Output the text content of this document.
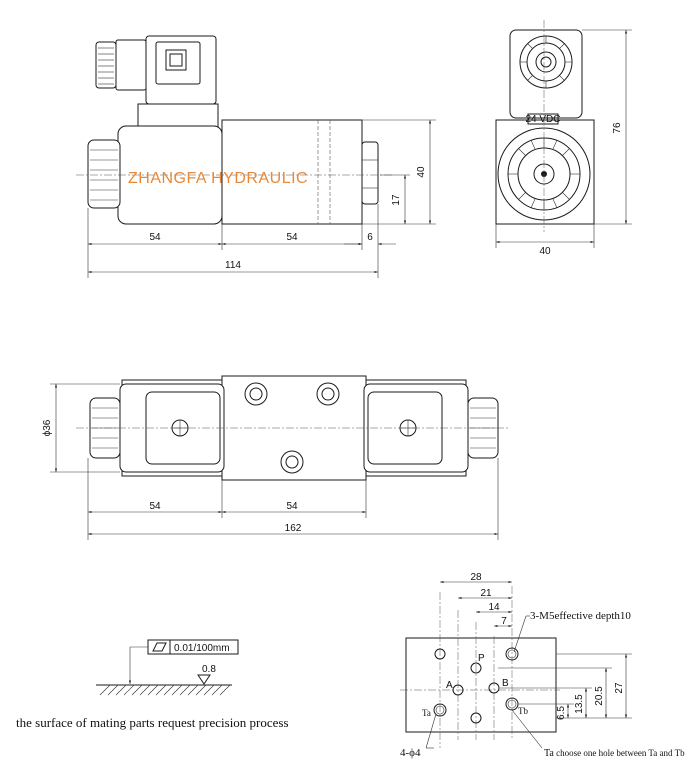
54	54	6
114
40
17
24 VDC
76
40
ϕ36
54	54
162
ZHANGFA HYDRAULIC
0.01/100mm
0.8
the surface of mating parts request precision process
28
21
14
7 3-M5effective depth10
P
A	B
Ta	Tb
27
20.5
13.5
6.5
4-ϕ4	Ta choose one hole between Ta and Tb
